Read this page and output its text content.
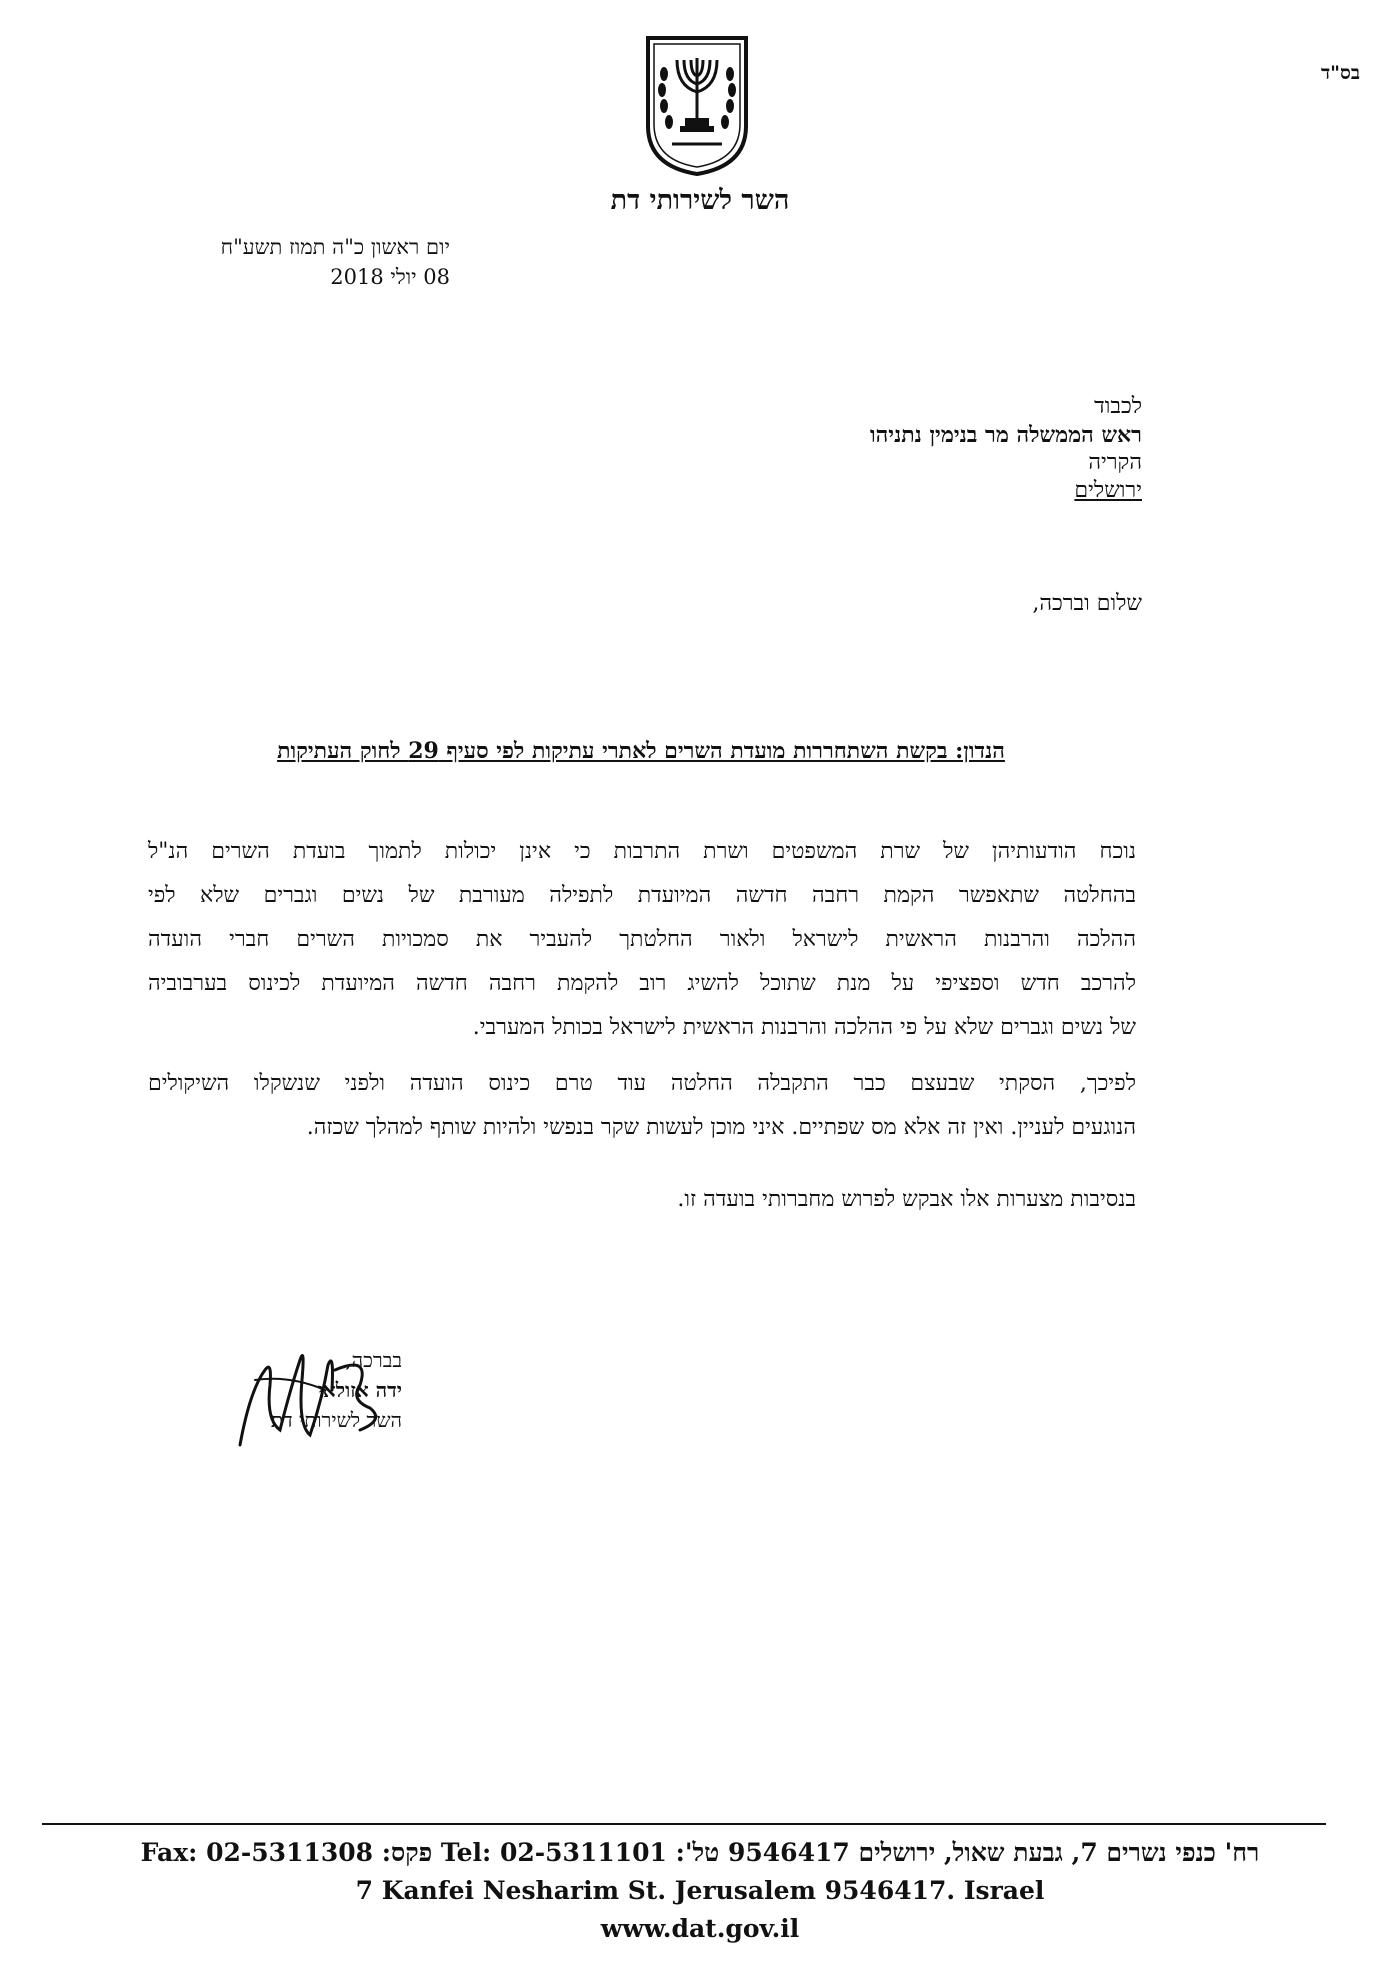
בס"ד
השר לשירותי דת
יום ראשון כ"ה תמוז תשע"ח
08 יולי 2018
לכבוד
ראש הממשלה מר בנימין נתניהו
הקריה
ירושלים
שלום וברכה,
הנדון: בקשת השתחררות מועדת השרים לאתרי עתיקות לפי סעיף 29 לחוק העתיקות
נוכח הודעותיהן של שרת המשפטים ושרת התרבות כי אינן יכולות לתמוך בועדת השרים הנ"ל
בהחלטה שתאפשר הקמת רחבה חדשה המיועדת לתפילה מעורבת של נשים וגברים שלא לפי
ההלכה והרבנות הראשית לישראל ולאור החלטתך להעביר את סמכויות השרים חברי הועדה
להרכב חדש וספציפי על מנת שתוכל להשיג רוב להקמת רחבה חדשה המיועדת לכינוס בערבוביה
של נשים וגברים שלא על פי ההלכה והרבנות הראשית לישראל בכותל המערבי.
לפיכך, הסקתי שבעצם כבר התקבלה החלטה עוד טרם כינוס הועדה ולפני שנשקלו השיקולים
הנוגעים לעניין. ואין זה אלא מס שפתיים. איני מוכן לעשות שקר בנפשי ולהיות שותף למהלך שכזה.
בנסיבות מצערות אלו אבקש לפרוש מחברותי בועדה זו.
בברכה,
ידה אזולאי
השר לשירותי דת
רח' כנפי נשרים 7, גבעת שאול, ירושלים 9546417 טל': 02-5311101 :Tel פקס: 02-5311308 :Fax
7 Kanfei Nesharim St. Jerusalem 9546417. Israel
www.dat.gov.il
